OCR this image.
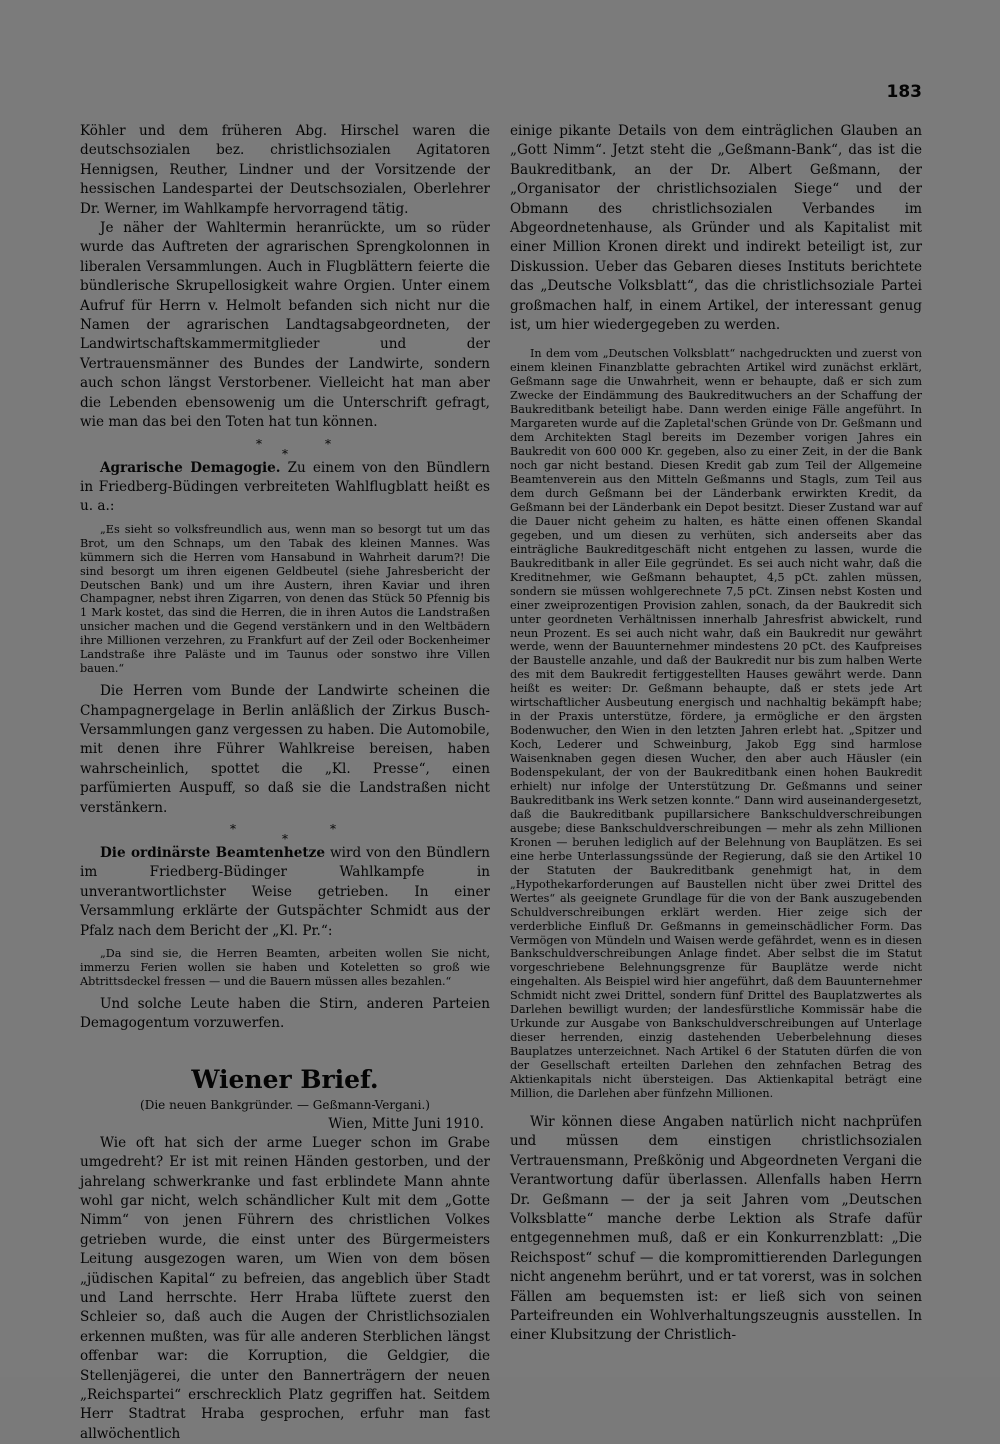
183

Köhler und dem früheren Abg. Hirschel waren die deutschsozialen bez. christlichsozialen Agitatoren Hennigsen, Reuther, Lindner und der Vorsitzende der hessischen Landespartei der Deutschsozialen, Oberlehrer Dr. Werner, im Wahlkampfe hervorragend tätig.

Je näher der Wahltermin heranrückte, um so rüder wurde das Auftreten der agrarischen Sprengkolonnen in liberalen Versammlungen. Auch in Flugblättern feierte die bündlerische Skrupellosigkeit wahre Orgien. Unter einem Aufruf für Herrn v. Helmolt befanden sich nicht nur die Namen der agrarischen Landtagsabgeordneten, der Landwirtschaftskammermitglieder und der Vertrauensmänner des Bundes der Landwirte, sondern auch schon längst Verstorbener. Vielleicht hat man aber die Lebenden ebensowenig um die Unterschrift gefragt, wie man das bei den Toten hat tun können.

*
*
*

Agrarische Demagogie. Zu einem von den Bündlern in Friedberg-Büdingen verbreiteten Wahlflugblatt heißt es u. a.:

„Es sieht so volksfreundlich aus, wenn man so besorgt tut um das Brot, um den Schnaps, um den Tabak des kleinen Mannes. Was kümmern sich die Herren vom Hansabund in Wahrheit darum?! Die sind besorgt um ihren eigenen Geldbeutel (siehe Jahresbericht der Deutschen Bank) und um ihre Austern, ihren Kaviar und ihren Champagner, nebst ihren Zigarren, von denen das Stück 50 Pfennig bis 1 Mark kostet, das sind die Herren, die in ihren Autos die Landstraßen unsicher machen und die Gegend verstänkern und in den Weltbädern ihre Millionen verzehren, zu Frankfurt auf der Zeil oder Bockenheimer Landstraße ihre Paläste und im Taunus oder sonstwo ihre Villen bauen.“

Die Herren vom Bunde der Landwirte scheinen die Champagnergelage in Berlin anläßlich der Zirkus Busch-Versammlungen ganz vergessen zu haben. Die Automobile, mit denen ihre Führer Wahlkreise bereisen, haben wahrscheinlich, spottet die „Kl. Presse“, einen parfümierten Auspuff, so daß sie die Landstraßen nicht verstänkern.

*
*
*

Die ordinärste Beamtenhetze wird von den Bündlern im Friedberg-Büdinger Wahlkampfe in unverantwortlichster Weise getrieben. In einer Versammlung erklärte der Gutspächter Schmidt aus der Pfalz nach dem Bericht der „Kl. Pr.“:

„Da sind sie, die Herren Beamten, arbeiten wollen Sie nicht, immerzu Ferien wollen sie haben und Koteletten so groß wie Abtrittsdeckel fressen — und die Bauern müssen alles bezahlen.“

Und solche Leute haben die Stirn, anderen Parteien Demagogentum vorzuwerfen.

Wiener Brief.
(Die neuen Bankgründer. — Geßmann-Vergani.)
Wien, Mitte Juni 1910.

Wie oft hat sich der arme Lueger schon im Grabe umgedreht? Er ist mit reinen Händen gestorben, und der jahrelang schwerkranke und fast erblindete Mann ahnte wohl gar nicht, welch schändlicher Kult mit dem „Gotte Nimm“ von jenen Führern des christlichen Volkes getrieben wurde, die einst unter des Bürgermeisters Leitung ausgezogen waren, um Wien von dem bösen „jüdischen Kapital“ zu befreien, das angeblich über Stadt und Land herrschte. Herr Hraba lüftete zuerst den Schleier so, daß auch die Augen der Christlichsozialen erkennen mußten, was für alle anderen Sterblichen längst offenbar war: die Korruption, die Geldgier, die Stellenjägerei, die unter den Bannerträgern der neuen „Reichspartei“ erschrecklich Platz gegriffen hat. Seitdem Herr Stadtrat Hraba gesprochen, erfuhr man fast allwöchentlich

einige pikante Details von dem einträglichen Glauben an „Gott Nimm“. Jetzt steht die „Geßmann-Bank“, das ist die Baukreditbank, an der Dr. Albert Geßmann, der „Organisator der christlichsozialen Siege“ und der Obmann des christlichsozialen Verbandes im Abgeordnetenhause, als Gründer und als Kapitalist mit einer Million Kronen direkt und indirekt beteiligt ist, zur Diskussion. Ueber das Gebaren dieses Instituts berichtete das „Deutsche Volksblatt“, das die christlichsoziale Partei großmachen half, in einem Artikel, der interessant genug ist, um hier wiedergegeben zu werden.

In dem vom „Deutschen Volksblatt“ nachgedruckten und zuerst von einem kleinen Finanzblatte gebrachten Artikel wird zunächst erklärt, Geßmann sage die Unwahrheit, wenn er behaupte, daß er sich zum Zwecke der Eindämmung des Baukreditwuchers an der Schaffung der Baukreditbank beteiligt habe. Dann werden einige Fälle angeführt. In Margareten wurde auf die Zapletal'schen Gründe von Dr. Geßmann und dem Architekten Stagl bereits im Dezember vorigen Jahres ein Baukredit von 600 000 Kr. gegeben, also zu einer Zeit, in der die Bank noch gar nicht bestand. Diesen Kredit gab zum Teil der Allgemeine Beamtenverein aus den Mitteln Geßmanns und Stagls, zum Teil aus dem durch Geßmann bei der Länderbank erwirkten Kredit, da Geßmann bei der Länderbank ein Depot besitzt. Dieser Zustand war auf die Dauer nicht geheim zu halten, es hätte einen offenen Skandal gegeben, und um diesen zu verhüten, sich anderseits aber das einträgliche Baukreditgeschäft nicht entgehen zu lassen, wurde die Baukreditbank in aller Eile gegründet. Es sei auch nicht wahr, daß die Kreditnehmer, wie Geßmann behauptet, 4,5 pCt. zahlen müssen, sondern sie müssen wohlgerechnete 7,5 pCt. Zinsen nebst Kosten und einer zweiprozentigen Provision zahlen, sonach, da der Baukredit sich unter geordneten Verhältnissen innerhalb Jahresfrist abwickelt, rund neun Prozent. Es sei auch nicht wahr, daß ein Baukredit nur gewährt werde, wenn der Bauunternehmer mindestens 20 pCt. des Kaufpreises der Baustelle anzahle, und daß der Baukredit nur bis zum halben Werte des mit dem Baukredit fertiggestellten Hauses gewährt werde. Dann heißt es weiter: Dr. Geßmann behaupte, daß er stets jede Art wirtschaftlicher Ausbeutung energisch und nachhaltig bekämpft habe; in der Praxis unterstütze, fördere, ja ermögliche er den ärgsten Bodenwucher, den Wien in den letzten Jahren erlebt hat. „Spitzer und Koch, Lederer und Schweinburg, Jakob Egg sind harmlose Waisenknaben gegen diesen Wucher, den aber auch Häusler (ein Bodenspekulant, der von der Baukreditbank einen hohen Baukredit erhielt) nur infolge der Unterstützung Dr. Geßmanns und seiner Baukreditbank ins Werk setzen konnte.“ Dann wird auseinandergesetzt, daß die Baukreditbank pupillarsichere Bankschuldverschreibungen ausgebe; diese Bankschuldverschreibungen — mehr als zehn Millionen Kronen — beruhen lediglich auf der Belehnung von Bauplätzen. Es sei eine herbe Unterlassungssünde der Regierung, daß sie den Artikel 10 der Statuten der Baukreditbank genehmigt hat, in dem „Hypothekarforderungen auf Baustellen nicht über zwei Drittel des Wertes“ als geeignete Grundlage für die von der Bank auszugebenden Schuldverschreibungen erklärt werden. Hier zeige sich der verderbliche Einfluß Dr. Geßmanns in gemeinschädlicher Form. Das Vermögen von Mündeln und Waisen werde gefährdet, wenn es in diesen Bankschuldverschreibungen Anlage findet. Aber selbst die im Statut vorgeschriebene Belehnungsgrenze für Bauplätze werde nicht eingehalten. Als Beispiel wird hier angeführt, daß dem Bauunternehmer Schmidt nicht zwei Drittel, sondern fünf Drittel des Bauplatzwertes als Darlehen bewilligt wurden; der landesfürstliche Kommissär habe die Urkunde zur Ausgabe von Bankschuldverschreibungen auf Unterlage dieser herrenden, einzig dastehenden Ueberbelehnung dieses Bauplatzes unterzeichnet. Nach Artikel 6 der Statuten dürfen die von der Gesellschaft erteilten Darlehen den zehnfachen Betrag des Aktienkapitals nicht übersteigen. Das Aktienkapital beträgt eine Million, die Darlehen aber fünfzehn Millionen.

Wir können diese Angaben natürlich nicht nachprüfen und müssen dem einstigen christlichsozialen Vertrauensmann, Preßkönig und Abgeordneten Vergani die Verantwortung dafür überlassen. Allenfalls haben Herrn Dr. Geßmann — der ja seit Jahren vom „Deutschen Volksblatte“ manche derbe Lektion als Strafe dafür entgegennehmen muß, daß er ein Konkurrenzblatt: „Die Reichspost“ schuf — die kompromittierenden Darlegungen nicht angenehm berührt, und er tat vorerst, was in solchen Fällen am bequemsten ist: er ließ sich von seinen Parteifreunden ein Wohlverhaltungszeugnis ausstellen. In einer Klubsitzung der Christlich-
